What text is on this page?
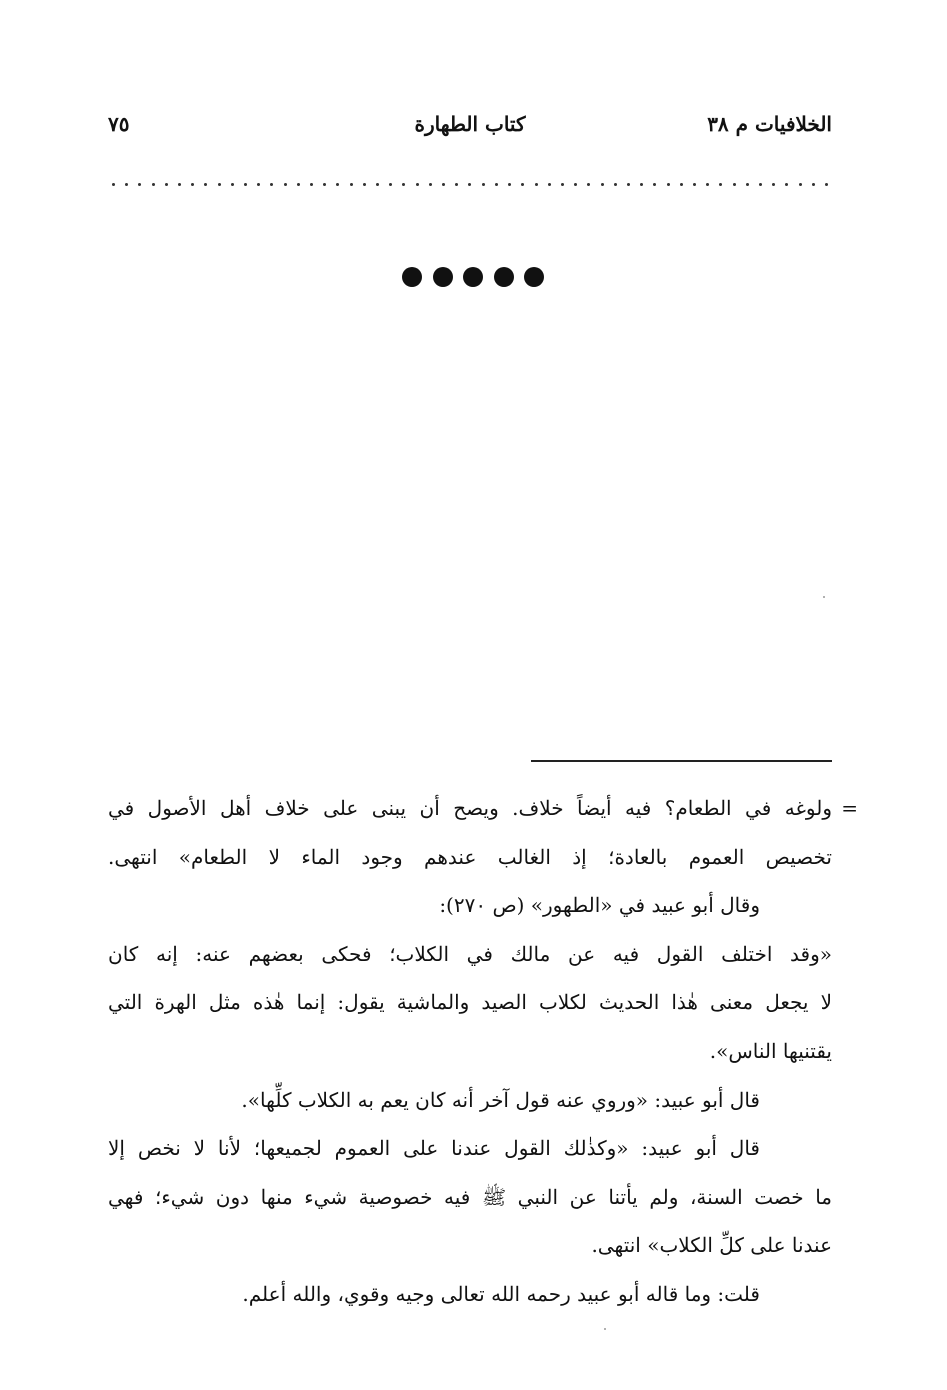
الخلافيات م ٣٨
كتاب الطهارة
٧٥
=
ولوغه في الطعام؟ فيه أيضاً خلاف. ويصح أن يبنى على خلاف أهل الأصول في
تخصيص العموم بالعادة؛ إذ الغالب عندهم وجود الماء لا الطعام» انتهى.
وقال أبو عبيد في «الطهور» (ص ٢٧٠):
«وقد اختلف القول فيه عن مالك في الكلاب؛ فحكى بعضهم عنه: إنه كان
لا يجعل معنى هٰذا الحديث لكلاب الصيد والماشية يقول: إنما هٰذه مثل الهرة التي
يقتنيها الناس».
قال أبو عبيد: «وروي عنه قول آخر أنه كان يعم به الكلاب كلِّها».
قال أبو عبيد: «وكذٰلك القول عندنا على العموم لجميعها؛ لأنا لا نخص إلا
ما خصت السنة، ولم يأتنا عن النبي ﷺ فيه خصوصية شيء منها دون شيء؛ فهي
عندنا على كلِّ الكلاب» انتهى.
قلت: وما قاله أبو عبيد رحمه الله تعالى وجيه وقوي، والله أعلم.
